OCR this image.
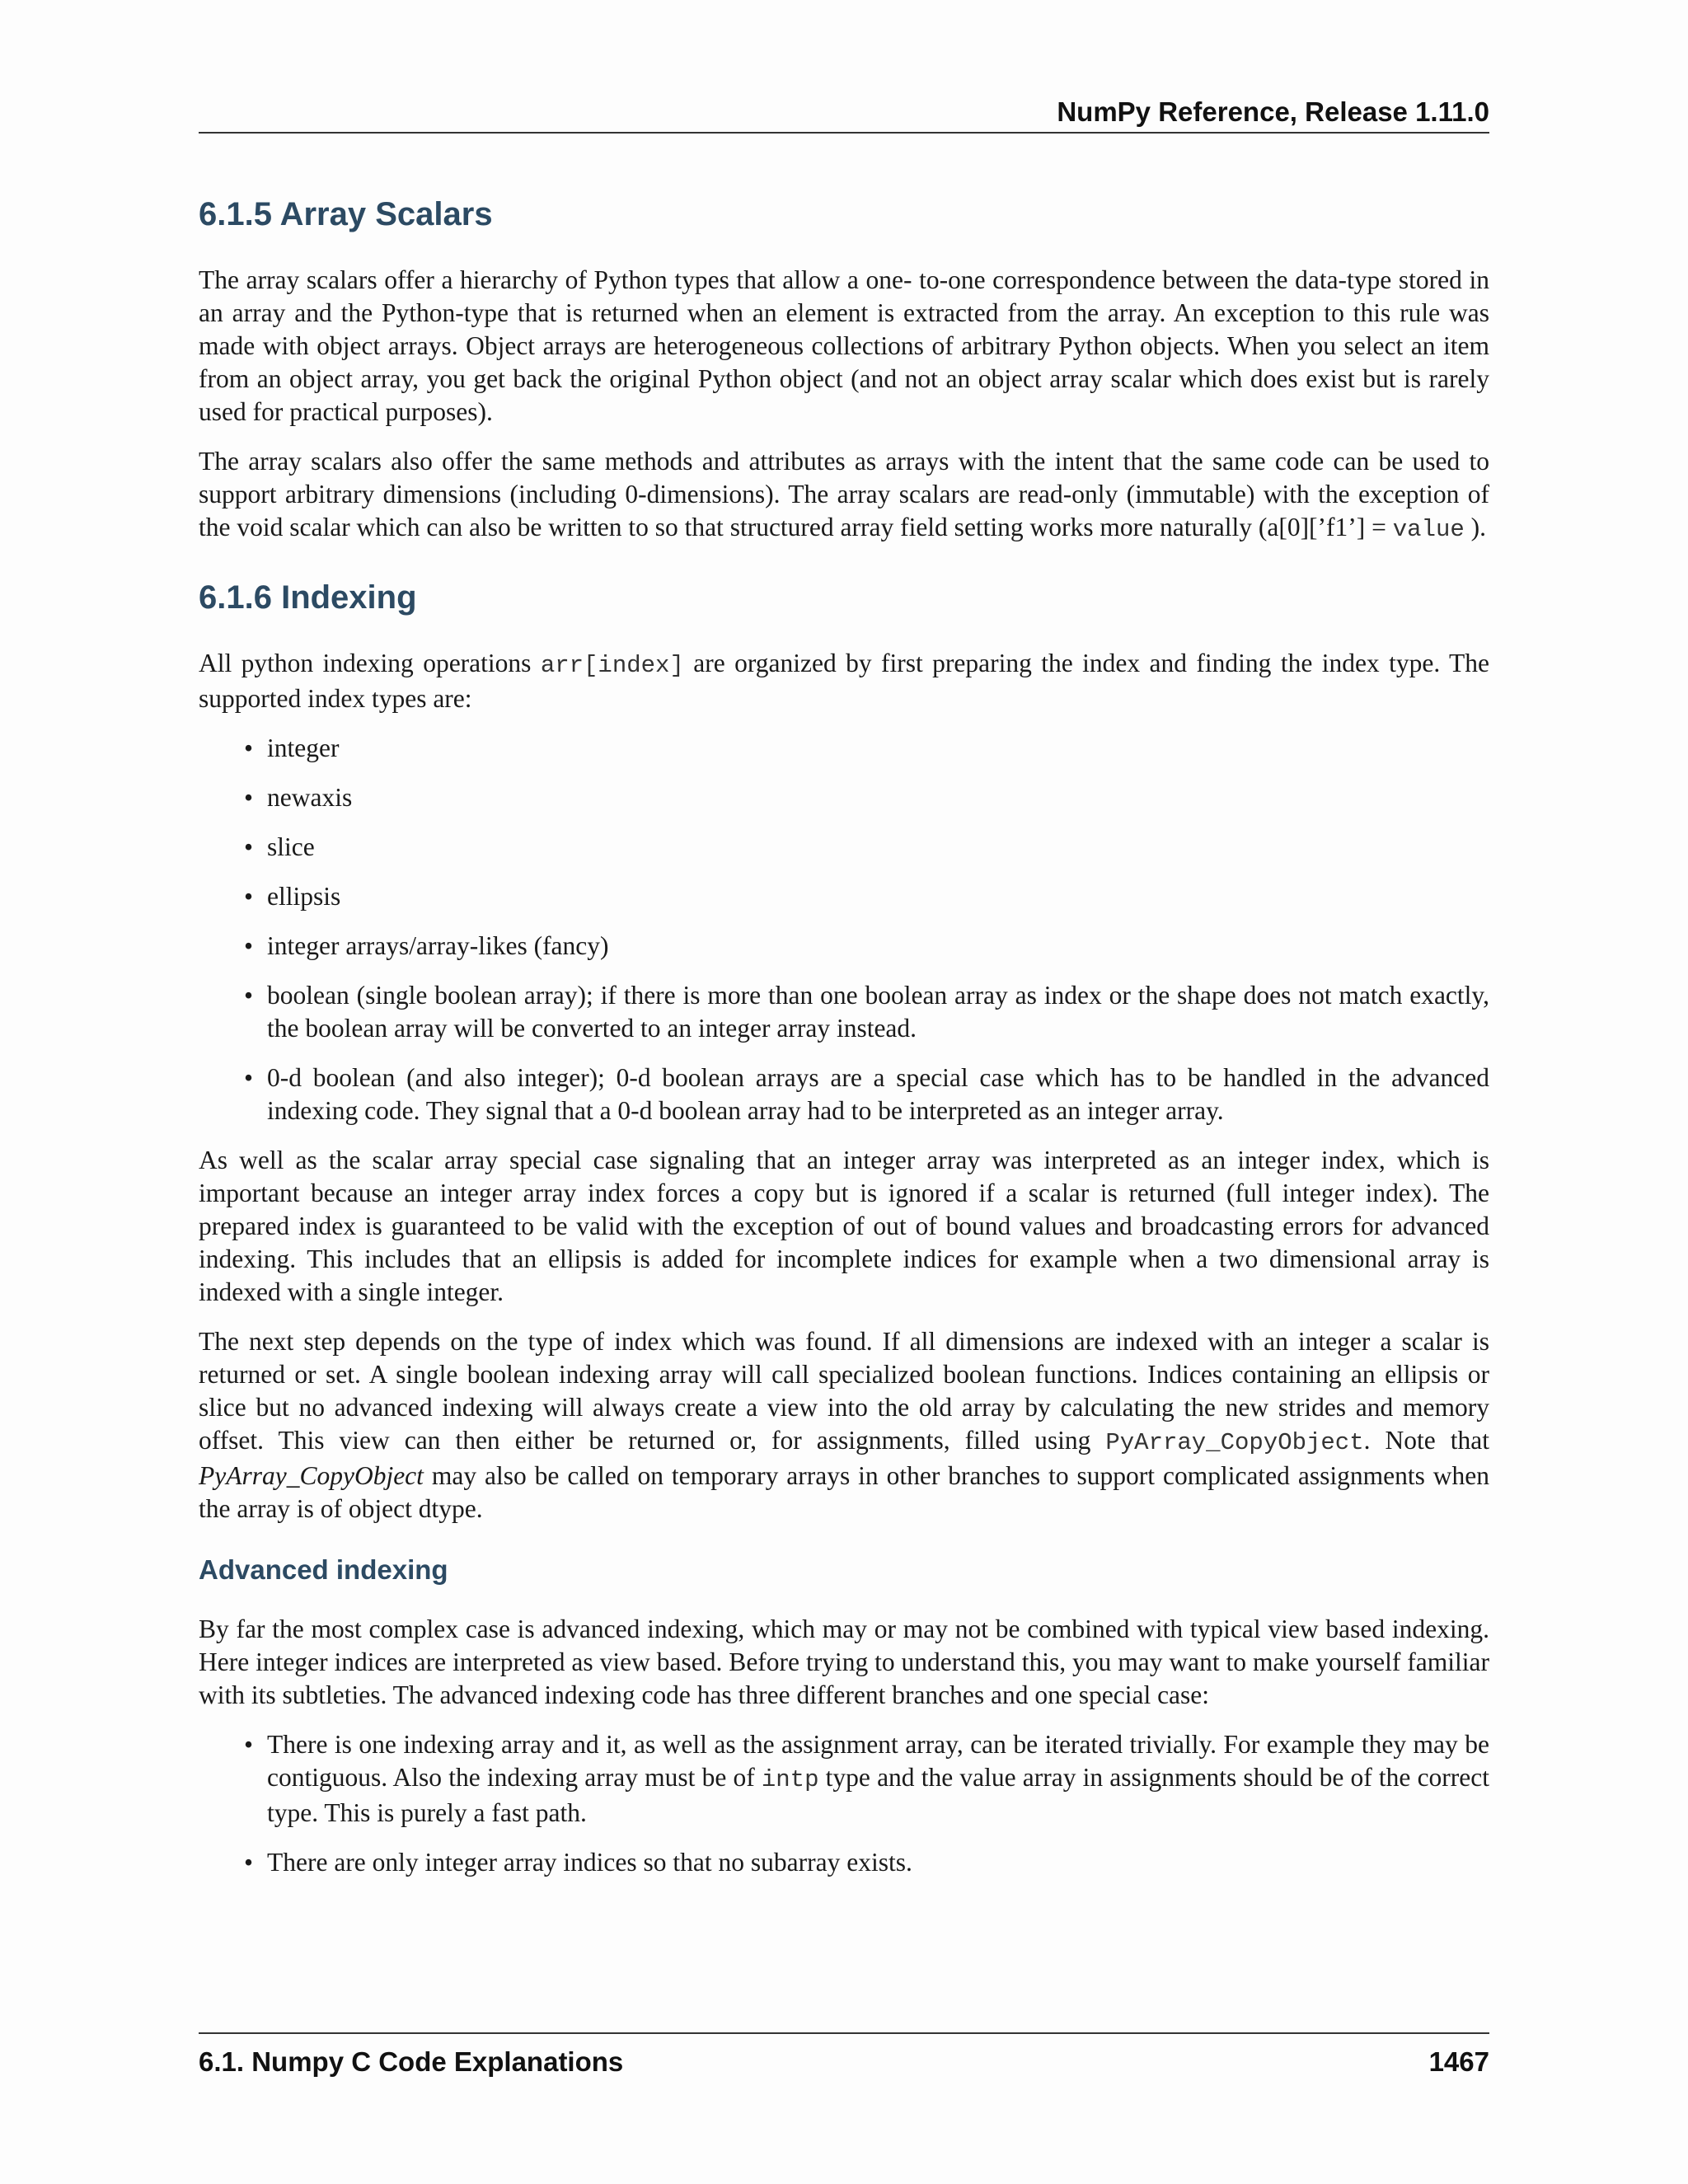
NumPy Reference, Release 1.11.0
6.1.5 Array Scalars

The array scalars offer a hierarchy of Python types that allow a one- to-one correspondence between the data-type stored in an array and the Python-type that is returned when an element is extracted from the array. An exception to this rule was made with object arrays. Object arrays are heterogeneous collections of arbitrary Python objects. When you select an item from an object array, you get back the original Python object (and not an object array scalar which does exist but is rarely used for practical purposes).

The array scalars also offer the same methods and attributes as arrays with the intent that the same code can be used to support arbitrary dimensions (including 0-dimensions). The array scalars are read-only (immutable) with the exception of the void scalar which can also be written to so that structured array field setting works more naturally (a[0][’f1’] = value ).

6.1.6 Indexing

All python indexing operations arr[index] are organized by first preparing the index and finding the index type. The supported index types are:

• integer
• newaxis
• slice
• ellipsis
• integer arrays/array-likes (fancy)
• boolean (single boolean array); if there is more than one boolean array as index or the shape does not match exactly, the boolean array will be converted to an integer array instead.
• 0-d boolean (and also integer); 0-d boolean arrays are a special case which has to be handled in the advanced indexing code. They signal that a 0-d boolean array had to be interpreted as an integer array.

As well as the scalar array special case signaling that an integer array was interpreted as an integer index, which is important because an integer array index forces a copy but is ignored if a scalar is returned (full integer index). The prepared index is guaranteed to be valid with the exception of out of bound values and broadcasting errors for advanced indexing. This includes that an ellipsis is added for incomplete indices for example when a two dimensional array is indexed with a single integer.

The next step depends on the type of index which was found. If all dimensions are indexed with an integer a scalar is returned or set. A single boolean indexing array will call specialized boolean functions. Indices containing an ellipsis or slice but no advanced indexing will always create a view into the old array by calculating the new strides and memory offset. This view can then either be returned or, for assignments, filled using PyArray_CopyObject. Note that PyArray_CopyObject may also be called on temporary arrays in other branches to support complicated assignments when the array is of object dtype.

Advanced indexing

By far the most complex case is advanced indexing, which may or may not be combined with typical view based indexing. Here integer indices are interpreted as view based. Before trying to understand this, you may want to make yourself familiar with its subtleties. The advanced indexing code has three different branches and one special case:

• There is one indexing array and it, as well as the assignment array, can be iterated trivially. For example they may be contiguous. Also the indexing array must be of intp type and the value array in assignments should be of the correct type. This is purely a fast path.
• There are only integer array indices so that no subarray exists.
6.1. Numpy C Code Explanations	1467
